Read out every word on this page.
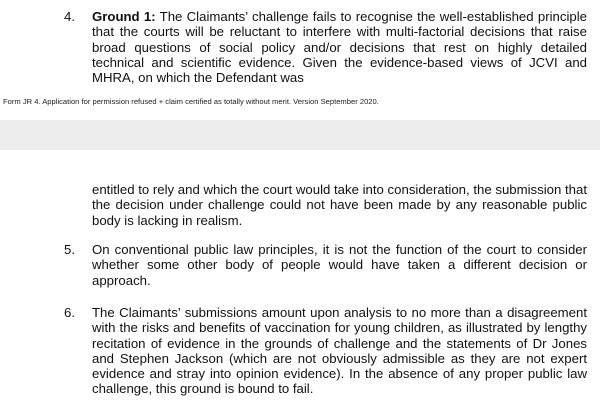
4. Ground 1: The Claimants’ challenge fails to recognise the well-established principle that the courts will be reluctant to interfere with multi-factorial decisions that raise broad questions of social policy and/or decisions that rest on highly detailed technical and scientific evidence. Given the evidence-based views of JCVI and MHRA, on which the Defendant was

Form JR 4. Application for permission refused + claim certified as totally without merit. Version September 2020.

entitled to rely and which the court would take into consideration, the submission that the decision under challenge could not have been made by any reasonable public body is lacking in realism.

5. On conventional public law principles, it is not the function of the court to consider whether some other body of people would have taken a different decision or approach.

6. The Claimants’ submissions amount upon analysis to no more than a disagreement with the risks and benefits of vaccination for young children, as illustrated by lengthy recitation of evidence in the grounds of challenge and the statements of Dr Jones and Stephen Jackson (which are not obviously admissible as they are not expert evidence and stray into opinion evidence). In the absence of any proper public law challenge, this ground is bound to fail.
